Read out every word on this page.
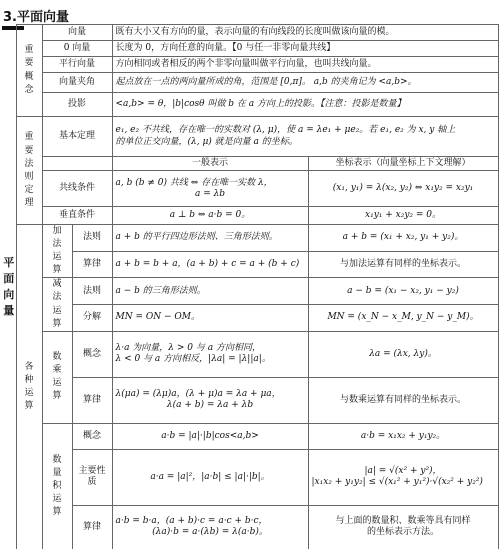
3.平面向量
平面向量	重要概念	向量		既有大小又有方向的量，表示向量的有向线段的长度叫做该向量的模。	
		0 向量		长度为 0，方向任意的向量。【0 与任一非零向量共线】	
		平行向量		方向相同或者相反的两个非零向量叫做平行向量，也叫共线向量。	
		向量夹角		起点放在一点的两向量所成的角，范围是 [0,π]。 a,b 的夹角记为 <a,b>。	
		投影		<a,b> = θ，|b|cosθ 叫做 b 在 a 方向上的投影。【注意：投影是数量】	
	重要法则定理	基本定理		e₁, e₂ 不共线，存在唯一的实数对 (λ, μ)，使 a = λe₁ + μe₂。若 e₁, e₂ 为 x, y 轴上
的单位正交向量，(λ, μ) 就是向量 a 的坐标。	

				一般表示	坐标表示（向量坐标上下文理解）
		共线条件		a, b (b ≠ 0) 共线 ⇔ 存在唯一实数 λ，
a = λb	(x₁, y₁) = λ(x₂, y₂) ⇔ x₁y₂ = x₂y₁
		垂直条件		a ⊥ b ⇔ a·b = 0。	x₁y₁ + x₂y₂ = 0。
	各种运算	加法运算	法则	a + b 的平行四边形法则、三角形法则。	a + b = (x₁ + x₂, y₁ + y₂)。
			算律	a + b = b + a，(a + b) + c = a + (b + c)	与加法运算有同样的坐标表示。
		减法运算	法则	a − b 的三角形法则。	a − b = (x₁ − x₂, y₁ − y₂)
			分解	MN = ON − OM。	MN = (x_N − x_M, y_N − y_M)。
		数乘运算	概念	λ·a 为向量，λ > 0 与 a 方向相同，
λ < 0 与 a 方向相反，|λa| = |λ||a|。	λa = (λx, λy)。
			算律	λ(μa) = (λμ)a，(λ + μ)a = λa + μa，
λ(a + b) = λa + λb	与数乘运算有同样的坐标表示。
		数量积运算	概念	a·b = |a|·|b|cos<a,b>	a·b = x₁x₂ + y₁y₂。
			主要性质	a·a = |a|²，|a·b| ≤ |a|·|b|。	|a| = √(x² + y²)，
|x₁x₂ + y₁y₂| ≤ √(x₁² + y₁²)·√(x₂² + y₂²)

			算律	a·b = b·a，(a + b)·c = a·c + b·c，
(λa)·b = a·(λb) = λ(a·b)。	与上面的数量积、数乘等具有同样
的坐标表示方法。
